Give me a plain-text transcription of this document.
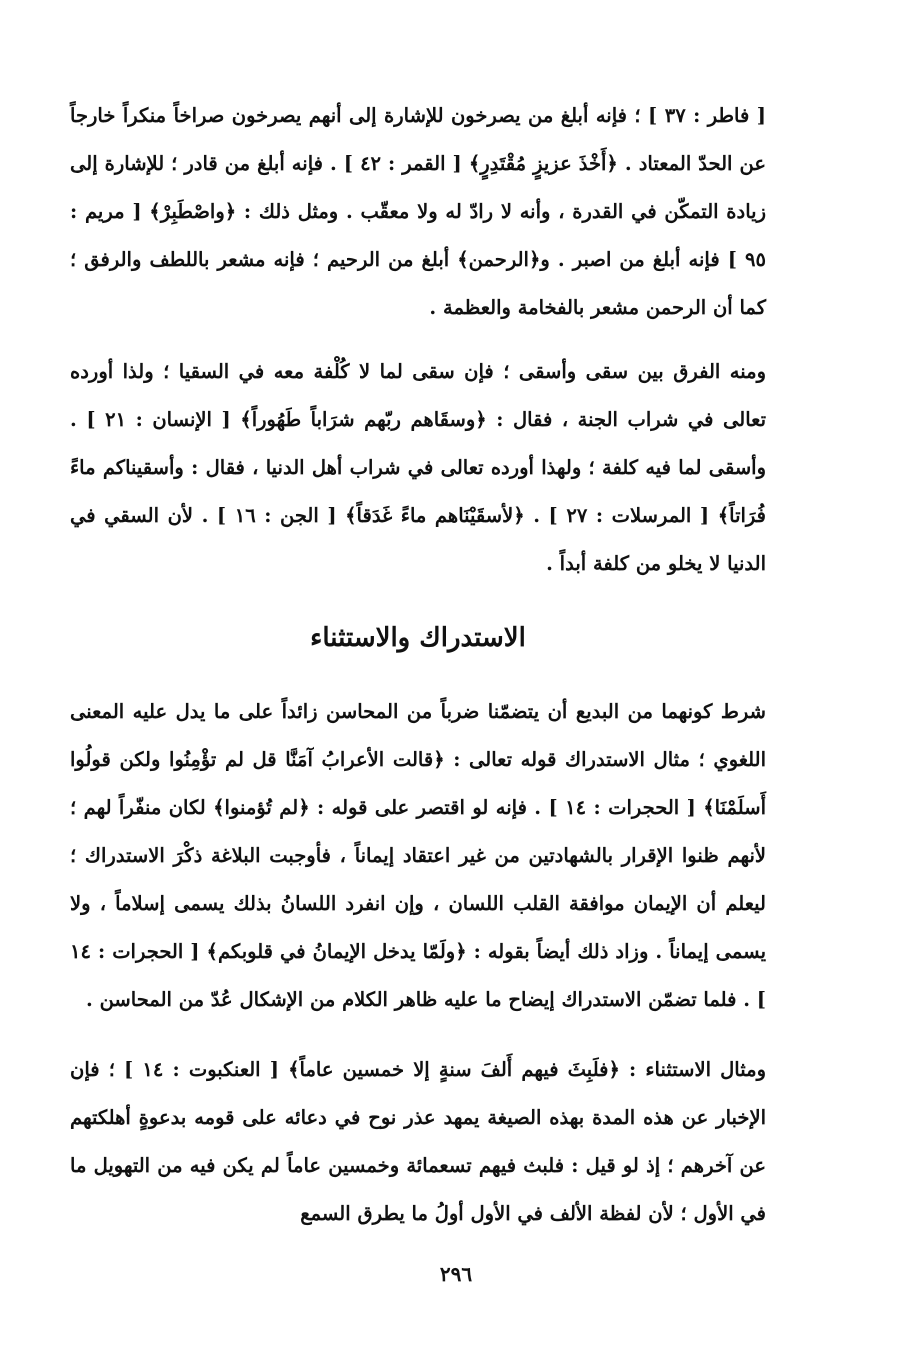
[ فاطر : ٣٧ ] ؛ فإنه أبلغ من يصرخون للإشارة إلى أنهم يصرخون صراخاً منكراً خارجاً عن الحدّ المعتاد . ﴿أَخْذَ عزيزٍ مُقْتَدِرٍ﴾ [ القمر : ٤٢ ] . فإنه أبلغ من قادر ؛ للإشارة إلى زيادة التمكّن في القدرة ، وأنه لا رادّ له ولا معقّب . ومثل ذلك : ﴿واصْطَبِرْ﴾ [ مريم : ٩٥ ] فإنه أبلغ من اصبر . و﴿الرحمن﴾ أبلغ من الرحيم ؛ فإنه مشعر باللطف والرفق ؛ كما أن الرحمن مشعر بالفخامة والعظمة .

ومنه الفرق بين سقى وأسقى ؛ فإن سقى لما لا كُلْفة معه في السقيا ؛ ولذا أورده تعالى في شراب الجنة ، فقال : ﴿وسقَاهم ربّهم شرَاباً طَهُوراً﴾ [ الإنسان : ٢١ ] . وأسقى لما فيه كلفة ؛ ولهذا أورده تعالى في شراب أهل الدنيا ، فقال : وأسقيناكم ماءً فُرَاتاً﴾ [ المرسلات : ٢٧ ] . ﴿لأسقَيْنَاهم ماءً غَدَقاً﴾ [ الجن : ١٦ ] . لأن السقي في الدنيا لا يخلو من كلفة أبداً .

الاستدراك والاستثناء

شرط كونهما من البديع أن يتضمّنا ضرباً من المحاسن زائداً على ما يدل عليه المعنى اللغوي ؛ مثال الاستدراك قوله تعالى : ﴿قالت الأعرابُ آمَنَّا قل لم تؤْمِنُوا ولكن قولُوا أَسلَمْنَا﴾ [ الحجرات : ١٤ ] . فإنه لو اقتصر على قوله : ﴿لم تُؤمنوا﴾ لكان منفّراً لهم ؛ لأنهم ظنوا الإقرار بالشهادتين من غير اعتقاد إيماناً ، فأوجبت البلاغة ذكْرَ الاستدراك ؛ ليعلم أن الإيمان موافقة القلب اللسان ، وإن انفرد اللسانُ بذلك يسمى إسلاماً ، ولا يسمى إيماناً . وزاد ذلك أيضاً بقوله : ﴿ولَمّا يدخل الإيمانُ في قلوبكم﴾ [ الحجرات : ١٤ ] . فلما تضمّن الاستدراك إيضاح ما عليه ظاهر الكلام من الإشكال عُدّ من المحاسن .

ومثال الاستثناء : ﴿فلَبِثَ فيهم أَلفَ سنةٍ إلا خمسين عاماً﴾ [ العنكبوت : ١٤ ] ؛ فإن الإخبار عن هذه المدة بهذه الصيغة يمهد عذر نوح في دعائه على قومه بدعوةٍ أهلكتهم عن آخرهم ؛ إذ لو قيل : فلبث فيهم تسعمائة وخمسين عاماً لم يكن فيه من التهويل ما في الأول ؛ لأن لفظة الألف في الأول أولُ ما يطرق السمع

٢٩٦
